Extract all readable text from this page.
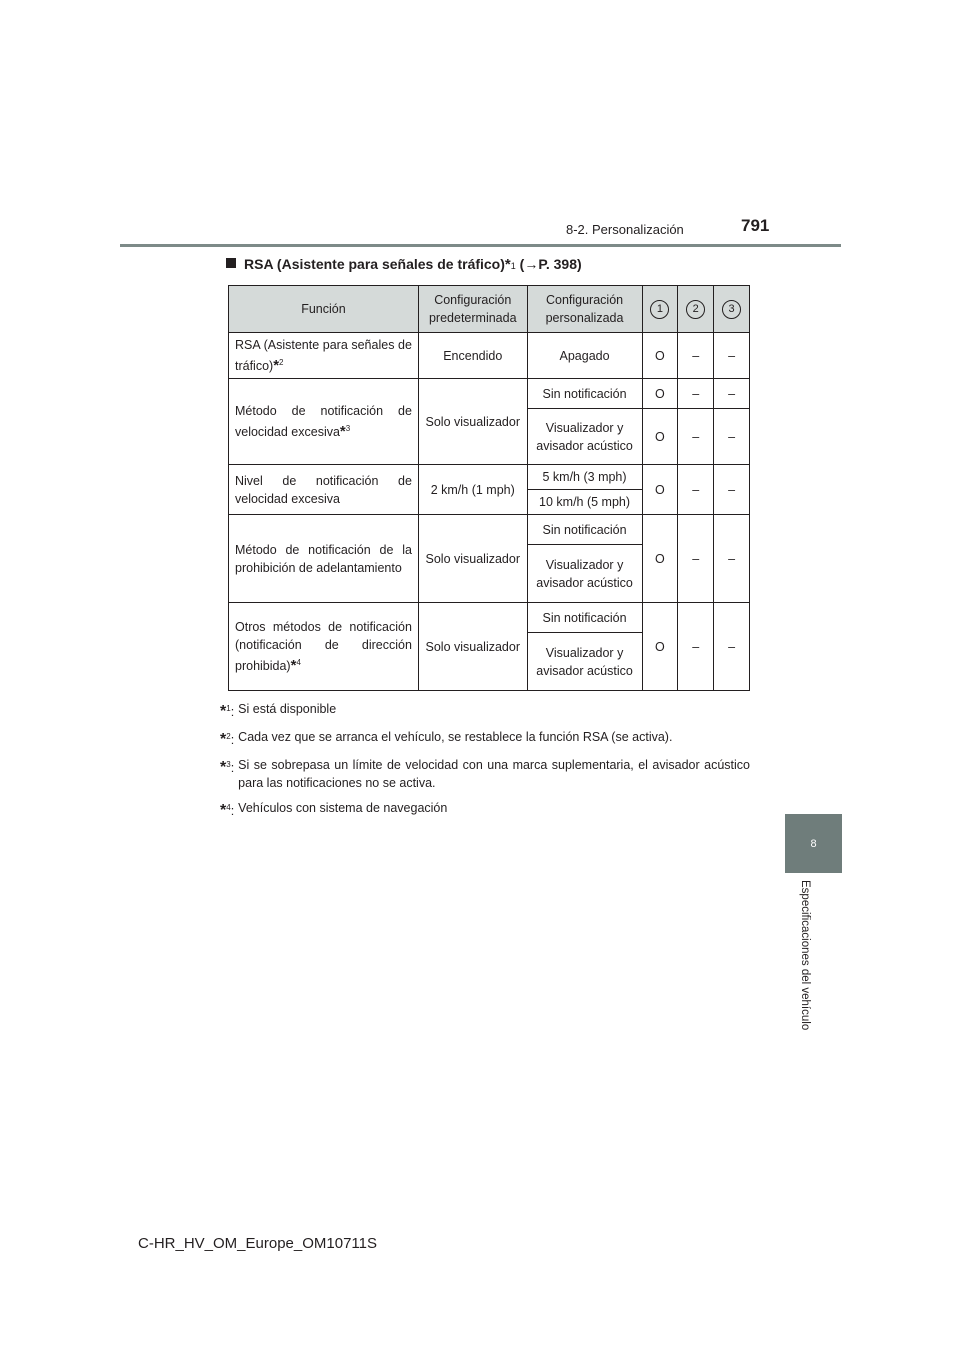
8-2. Personalización	791
8
Especificaciones del vehículo
RSA (Asistente para señales de tráfico) * 1
(→P. 398)
Función	Configuración predeterminada	Configuración personalizada	1	2	3
RSA (Asistente para señales de tráfico)*$^2$	Encendido	Apagado	O	–	–
Método de notificación de velocidad excesiva*$^3$	Solo visualizador	Sin notificación	O	–	–
		Visualizador y avisador acústico	O	–	–
Nivel de notificación de velocidad excesiva	2 km/h (1 mph)	5 km/h (3 mph)	O	–	–
		10 km/h (5 mph)			
Método de notificación de la prohibición de adelantamiento	Solo visualizador	Sin notificación	O	–	–
		Visualizador y avisador acústico			
Otros métodos de notificación (notificación de dirección prohibida)*$^4$	Solo visualizador	Sin notificación	O	–	–
		Visualizador y avisador acústico			
*$^1$: Si está disponible
*$^2$: Cada vez que se arranca el vehículo, se restablece la función RSA (se activa).
*$^3$: Si se sobrepasa un límite de velocidad con una marca suplementaria, el avisador acústico para las notificaciones no se activa.
*$^4$: Vehículos con sistema de navegación
C-HR_HV_OM_Europe_OM10711S
